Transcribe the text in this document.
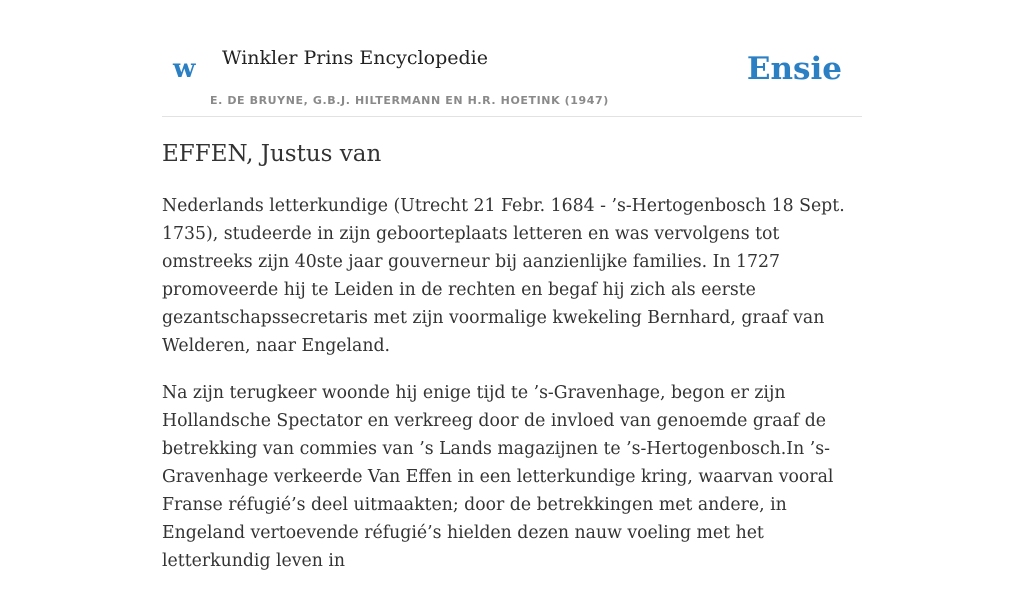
w Winkler Prins Encyclopedie
E. DE BRUYNE, G.B.J. HILTERMANN EN H.R. HOETINK (1947)
Ensie
EFFEN, Justus van

Nederlands letterkundige (Utrecht 21 Febr. 1684 - ’s-Hertogenbosch 18 Sept. 1735), studeerde in zijn geboorteplaats letteren en was vervolgens tot omstreeks zijn 40ste jaar gouverneur bij aanzienlijke families. In 1727 promoveerde hij te Leiden in de rechten en begaf hij zich als eerste gezantschapssecretaris met zijn voormalige kwekeling Bernhard, graaf van Welderen, naar Engeland.

Na zijn terugkeer woonde hij enige tijd te ’s-Gravenhage, begon er zijn Hollandsche Spectator en verkreeg door de invloed van genoemde graaf de betrekking van commies van ’s Lands magazijnen te ’s-Hertogenbosch.In ’s-Gravenhage verkeerde Van Effen in een letterkundige kring, waarvan vooral Franse réfugié’s deel uitmaakten; door de betrekkingen met andere, in Engeland vertoevende réfugié’s hielden dezen nauw voeling met het letterkundig leven in
